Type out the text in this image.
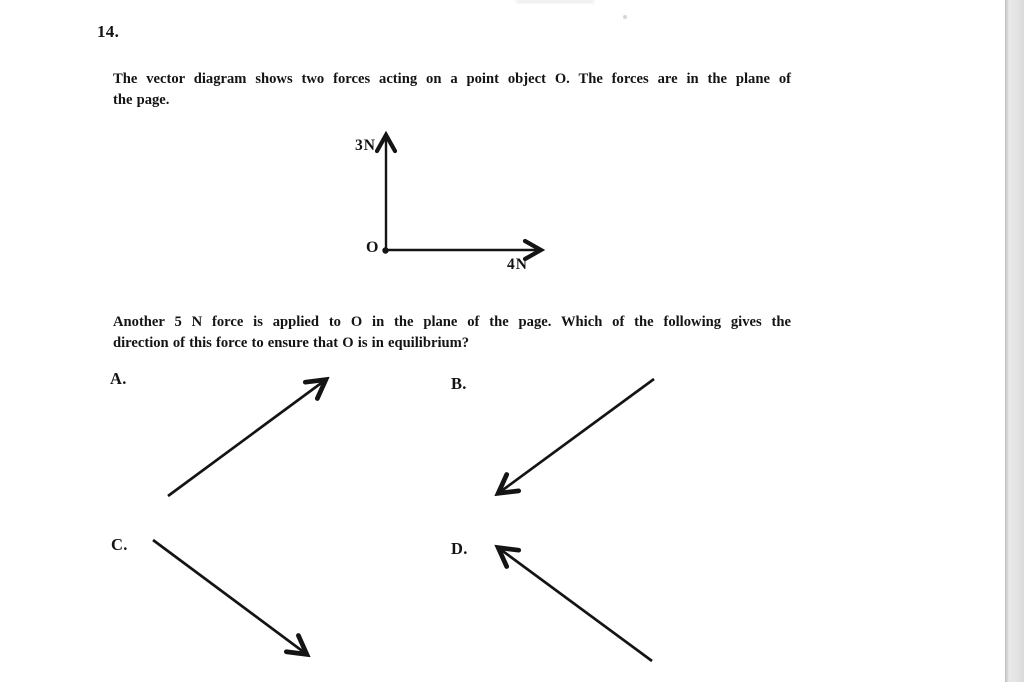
14.
The vector diagram shows two forces acting on a point object O. The forces are in the plane of
the page.
3N
O
4N
Another 5 N force is applied to O in the plane of the page. Which of the following gives the
direction of this force to ensure that O is in equilibrium?
A.	B.
C.	D.
